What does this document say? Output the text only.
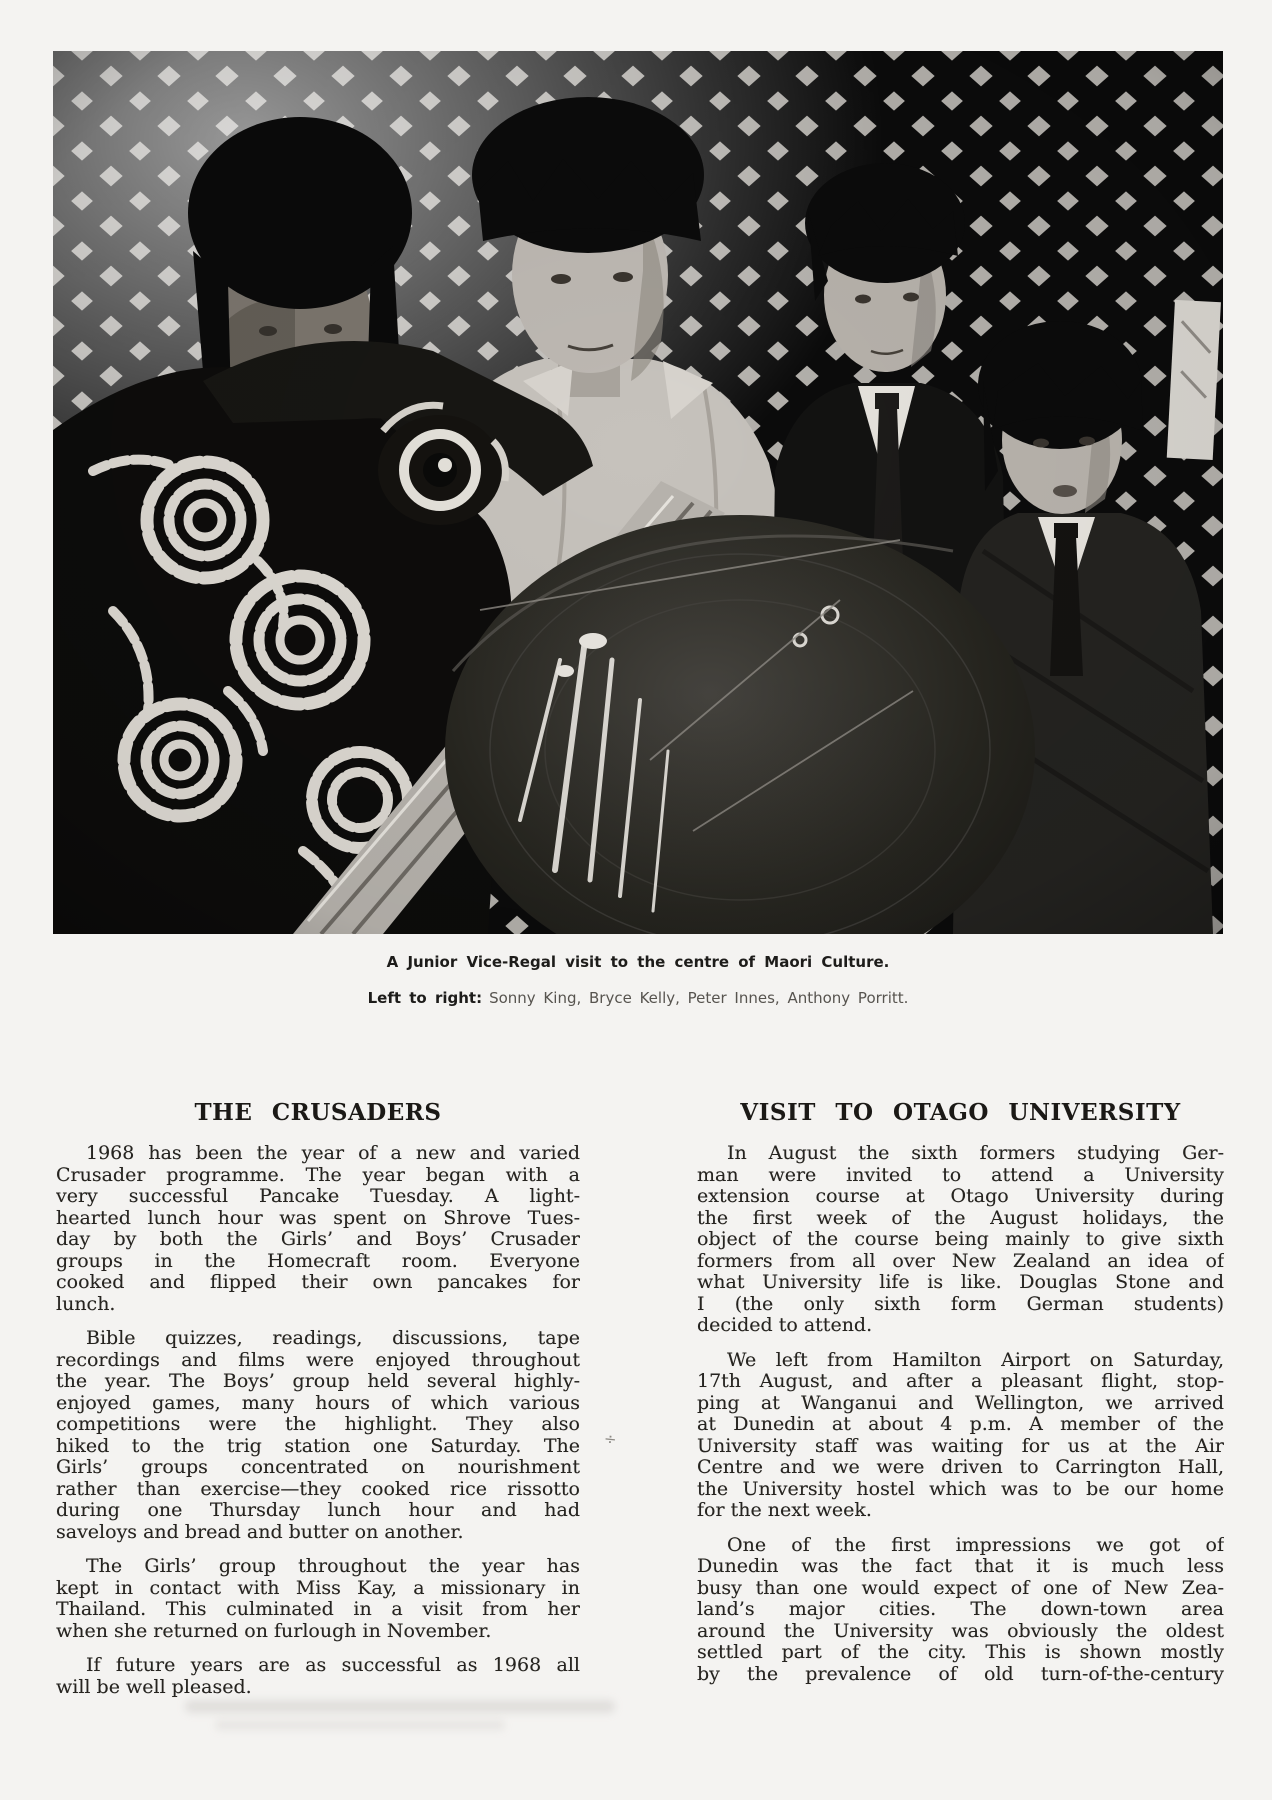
A Junior Vice-Regal visit to the centre of Maori Culture.
Left to right: Sonny King, Bryce Kelly, Peter Innes, Anthony Porritt.
THE CRUSADERS
1968 has been the year of a new and varied
Crusader programme. The year began with a
very successful Pancake Tuesday. A light-
hearted lunch hour was spent on Shrove Tues-
day by both the Girls’ and Boys’ Crusader
groups in the Homecraft room. Everyone
cooked and flipped their own pancakes for
lunch.
Bible quizzes, readings, discussions, tape
recordings and films were enjoyed throughout
the year. The Boys’ group held several highly-
enjoyed games, many hours of which various
competitions were the highlight. They also
hiked to the trig station one Saturday. The
Girls’ groups concentrated on nourishment
rather than exercise—they cooked rice rissotto
during one Thursday lunch hour and had
saveloys and bread and butter on another.
The Girls’ group throughout the year has
kept in contact with Miss Kay, a missionary in
Thailand. This culminated in a visit from her
when she returned on furlough in November.
If future years are as successful as 1968 all
will be well pleased.
VISIT TO OTAGO UNIVERSITY
In August the sixth formers studying Ger-
man were invited to attend a University
extension course at Otago University during
the first week of the August holidays, the
object of the course being mainly to give sixth
formers from all over New Zealand an idea of
what University life is like. Douglas Stone and
I (the only sixth form German students)
decided to attend.
We left from Hamilton Airport on Saturday,
17th August, and after a pleasant flight, stop-
ping at Wanganui and Wellington, we arrived
at Dunedin at about 4 p.m. A member of the
University staff was waiting for us at the Air
Centre and we were driven to Carrington Hall,
the University hostel which was to be our home
for the next week.
One of the first impressions we got of
Dunedin was the fact that it is much less
busy than one would expect of one of New Zea-
land’s major cities. The down-town area
around the University was obviously the oldest
settled part of the city. This is shown mostly
by the prevalence of old turn-of-the-century
÷
